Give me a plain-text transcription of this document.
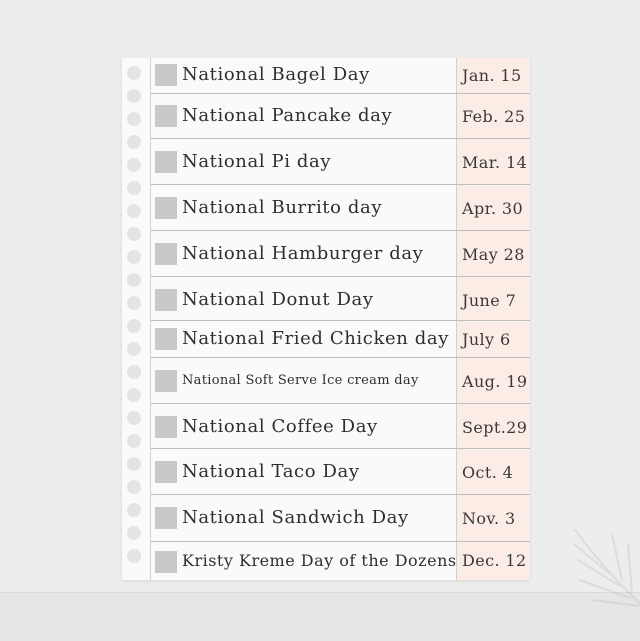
National Bagel Day	Jan. 15
National Pancake day	Feb. 25
National Pi day	Mar. 14
National Burrito day	Apr. 30
National Hamburger day May 28
National Donut Day	June 7
National Fried Chicken day July 6
National Soft Serve Ice cream day	Aug. 19
National Coffee Day	Sept.29
National Taco Day	Oct. 4
National Sandwich Day	Nov. 3
Kristy Kreme Day of the Dozens Dec. 12
